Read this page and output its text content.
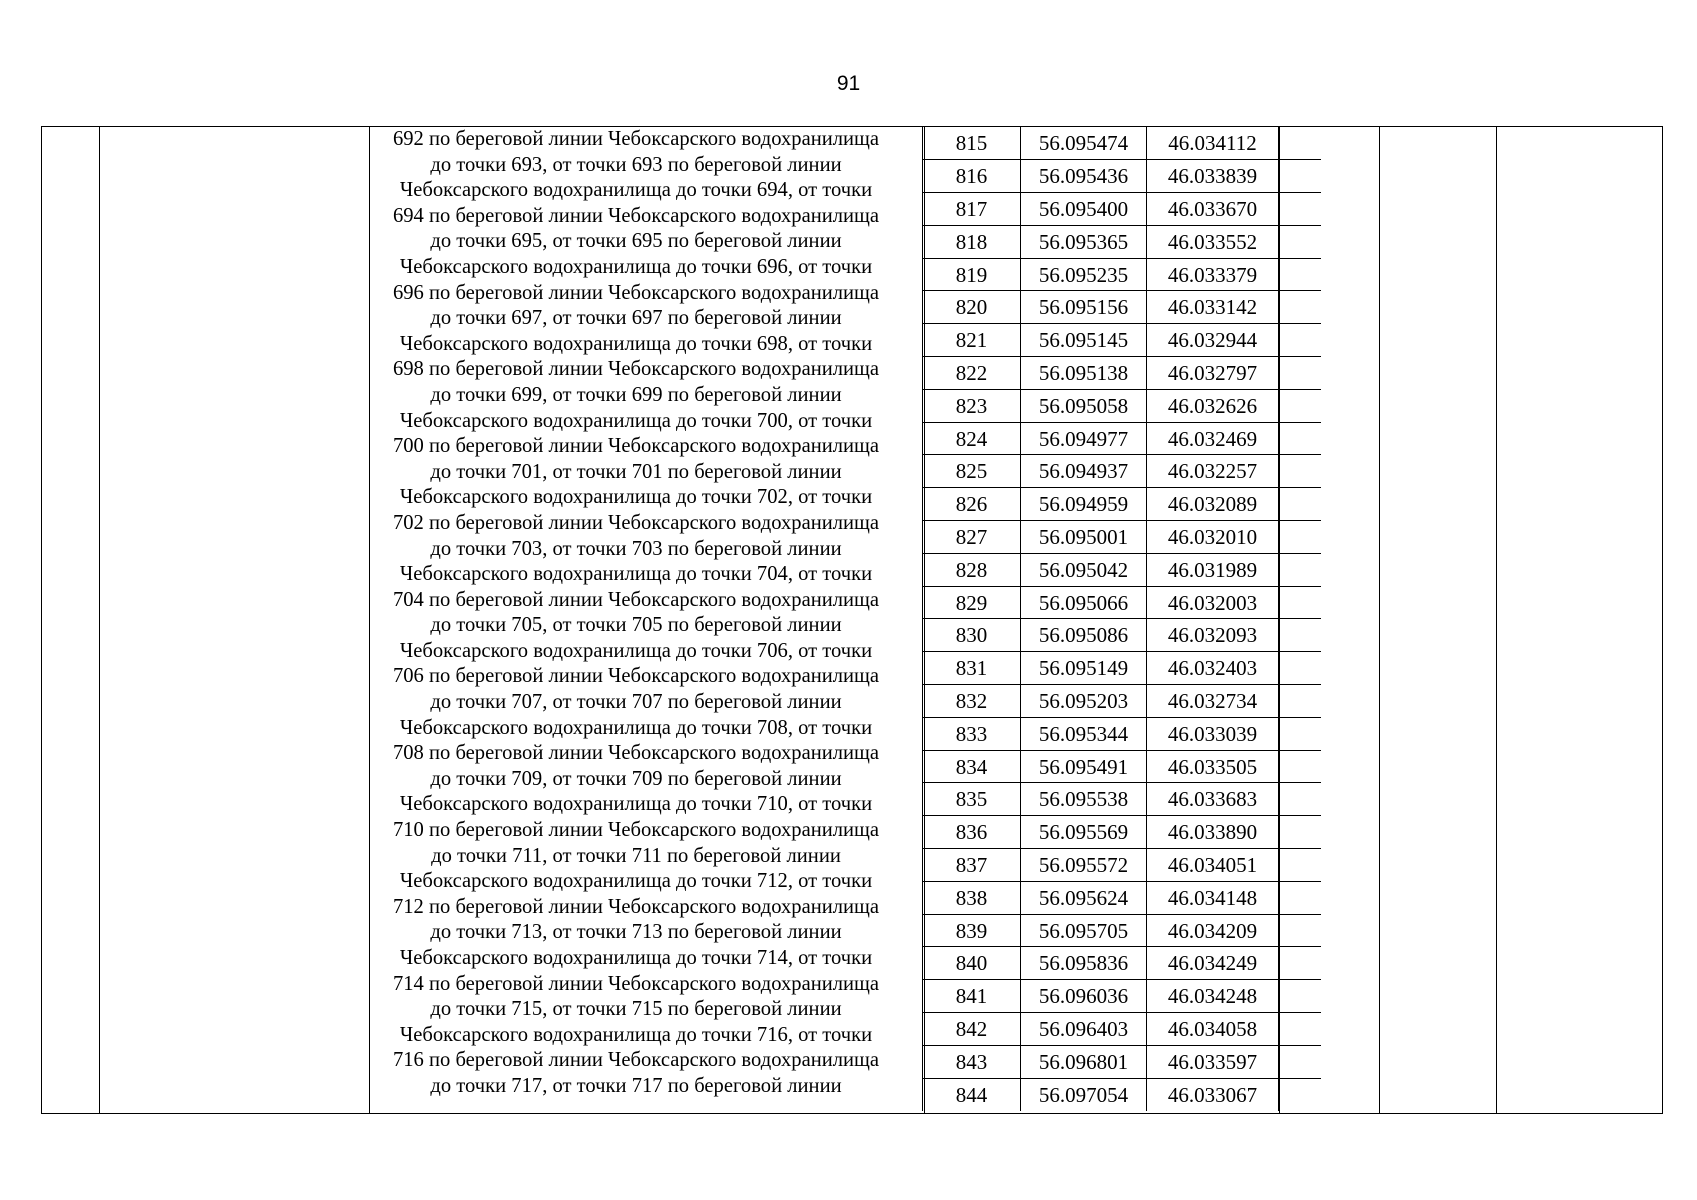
91

692 по береговой линии Чебоксарского водохранилища
до точки 693, от точки 693 по береговой линии
Чебоксарского водохранилища до точки 694, от точки
694 по береговой линии Чебоксарского водохранилища
до точки 695, от точки 695 по береговой линии
Чебоксарского водохранилища до точки 696, от точки
696 по береговой линии Чебоксарского водохранилища
до точки 697, от точки 697 по береговой линии
Чебоксарского водохранилища до точки 698, от точки
698 по береговой линии Чебоксарского водохранилища
до точки 699, от точки 699 по береговой линии
Чебоксарского водохранилища до точки 700, от точки
700 по береговой линии Чебоксарского водохранилища
до точки 701, от точки 701 по береговой линии
Чебоксарского водохранилища до точки 702, от точки
702 по береговой линии Чебоксарского водохранилища
до точки 703, от точки 703 по береговой линии
Чебоксарского водохранилища до точки 704, от точки
704 по береговой линии Чебоксарского водохранилища
до точки 705, от точки 705 по береговой линии
Чебоксарского водохранилища до точки 706, от точки
706 по береговой линии Чебоксарского водохранилища
до точки 707, от точки 707 по береговой линии
Чебоксарского водохранилища до точки 708, от точки
708 по береговой линии Чебоксарского водохранилища
до точки 709, от точки 709 по береговой линии
Чебоксарского водохранилища до точки 710, от точки
710 по береговой линии Чебоксарского водохранилища
до точки 711, от точки 711 по береговой линии
Чебоксарского водохранилища до точки 712, от точки
712 по береговой линии Чебоксарского водохранилища
до точки 713, от точки 713 по береговой линии
Чебоксарского водохранилища до точки 714, от точки
714 по береговой линии Чебоксарского водохранилища
до точки 715, от точки 715 по береговой линии
Чебоксарского водохранилища до точки 716, от точки
716 по береговой линии Чебоксарского водохранилища
до точки 717, от точки 717 по береговой линии

815	56.095474	46.034112	
816	56.095436	46.033839	
817	56.095400	46.033670	
818	56.095365	46.033552	
819	56.095235	46.033379	
820	56.095156	46.033142	
821	56.095145	46.032944	
822	56.095138	46.032797	
823	56.095058	46.032626	
824	56.094977	46.032469	
825	56.094937	46.032257	
826	56.094959	46.032089	
827	56.095001	46.032010	
828	56.095042	46.031989	
829	56.095066	46.032003	
830	56.095086	46.032093	
831	56.095149	46.032403	
832	56.095203	46.032734	
833	56.095344	46.033039	
834	56.095491	46.033505	
835	56.095538	46.033683	
836	56.095569	46.033890	
837	56.095572	46.034051	
838	56.095624	46.034148	
839	56.095705	46.034209	
840	56.095836	46.034249	
841	56.096036	46.034248	
842	56.096403	46.034058	
843	56.096801	46.033597	
844	56.097054	46.033067	
